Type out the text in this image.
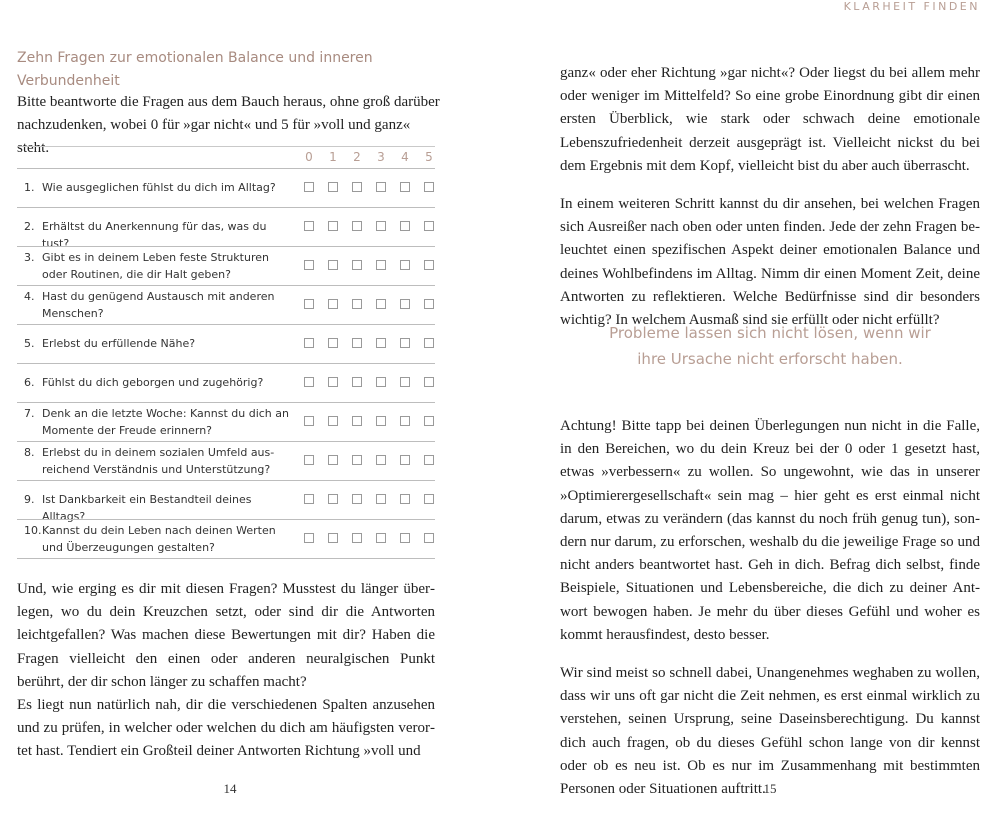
Zehn Fragen zur emotionalen Balance und inneren Verbundenheit
Bitte beantworte die Fragen aus dem Bauch heraus, ohne groß darüber nachzudenken, wobei 0 für »gar nicht« und 5 für »voll und ganz« steht.
0 1 2 3 4 5
1. Wie ausgeglichen fühlst du dich im Alltag?
2. Erhältst du Anerkennung für das, was du tust?
3. Gibt es in deinem Leben feste Strukturen oder Routinen, die dir Halt geben?
4. Hast du genügend Austausch mit anderen Menschen?
5. Erlebst du erfüllende Nähe?
6. Fühlst du dich geborgen und zugehörig?
7. Denk an die letzte Woche: Kannst du dich an Momente der Freude erinnern?
8. Erlebst du in deinem sozialen Umfeld ausreichend Verständnis und Unterstützung?
9. Ist Dankbarkeit ein Bestandteil deines Alltags?
10. Kannst du dein Leben nach deinen Werten und Überzeugungen gestalten?

Und, wie erging es dir mit diesen Fragen? Musstest du länger überlegen, wo du dein Kreuzchen setzt, oder sind dir die Antworten leichtgefallen? Was machen diese Bewertungen mit dir? Haben die Fragen vielleicht den einen oder anderen neuralgischen Punkt berührt, der dir schon länger zu schaffen macht?

Es liegt nun natürlich nah, dir die verschiedenen Spalten anzusehen und zu prüfen, in welcher oder welchen du dich am häufigsten verortet hast. Tendiert ein Großteil deiner Antworten Richtung »voll und

14
KLARHEIT FINDEN

ganz« oder eher Richtung »gar nicht«? Oder liegst du bei allem mehr oder weniger im Mittelfeld? So eine grobe Einordnung gibt dir einen ersten Überblick, wie stark oder schwach deine emotionale Lebenszufriedenheit derzeit ausgeprägt ist. Vielleicht nickst du bei dem Ergebnis mit dem Kopf, vielleicht bist du aber auch überrascht.

In einem weiteren Schritt kannst du dir ansehen, bei welchen Fragen sich Ausreißer nach oben oder unten finden. Jede der zehn Fragen beleuchtet einen spezifischen Aspekt deiner emotionalen Balance und deines Wohlbefindens im Alltag. Nimm dir einen Moment Zeit, deine Antworten zu reflektieren. Welche Bedürfnisse sind dir besonders wichtig? In welchem Ausmaß sind sie erfüllt oder nicht erfüllt?

Probleme lassen sich nicht lösen, wenn wir
ihre Ursache nicht erforscht haben.

Achtung! Bitte tapp bei deinen Überlegungen nun nicht in die Falle, in den Bereichen, wo du dein Kreuz bei der 0 oder 1 gesetzt hast, etwas »verbessern« zu wollen. So ungewohnt, wie das in unserer »Optimierergesellschaft« sein mag – hier geht es erst einmal nicht darum, etwas zu verändern (das kannst du noch früh genug tun), sondern nur darum, zu erforschen, weshalb du die jeweilige Frage so und nicht anders beantwortet hast. Geh in dich. Befrag dich selbst, finde Beispiele, Situationen und Lebensbereiche, die dich zu deiner Antwort bewogen haben. Je mehr du über dieses Gefühl und woher es kommt herausfindest, desto besser.

Wir sind meist so schnell dabei, Unangenehmes weghaben zu wollen, dass wir uns oft gar nicht die Zeit nehmen, es erst einmal wirklich zu verstehen, seinen Ursprung, seine Daseinsberechtigung. Du kannst dich auch fragen, ob du dieses Gefühl schon lange von dir kennst oder ob es neu ist. Ob es nur im Zusammenhang mit bestimmten Personen oder Situationen auftritt.

15
